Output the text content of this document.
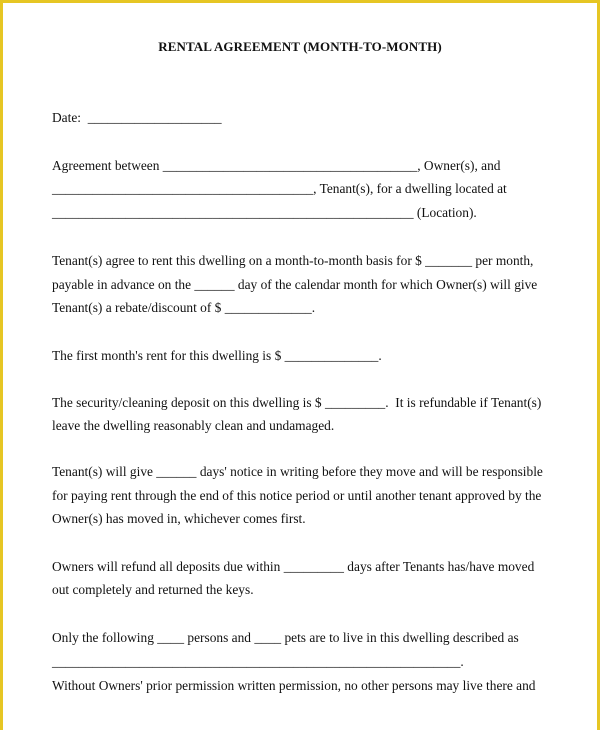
RENTAL AGREEMENT (MONTH-TO-MONTH)
Date:  ____________________
Agreement between ______________________________________, Owner(s), and
_______________________________________, Tenant(s), for a dwelling located at
______________________________________________________ (Location).
Tenant(s) agree to rent this dwelling on a month-to-month basis for $ _______ per month,
payable in advance on the ______ day of the calendar month for which Owner(s) will give
Tenant(s) a rebate/discount of $ _____________.
The first month's rent for this dwelling is $ ______________.
The security/cleaning deposit on this dwelling is $ _________.  It is refundable if Tenant(s)
leave the dwelling reasonably clean and undamaged.
Tenant(s) will give ______ days' notice in writing before they move and will be responsible
for paying rent through the end of this notice period or until another tenant approved by the
Owner(s) has moved in, whichever comes first.
Owners will refund all deposits due within _________ days after Tenants has/have moved
out completely and returned the keys.
Only the following ____ persons and ____ pets are to live in this dwelling described as
_____________________________________________________________.
Without Owners' prior permission written permission, no other persons may live there and
